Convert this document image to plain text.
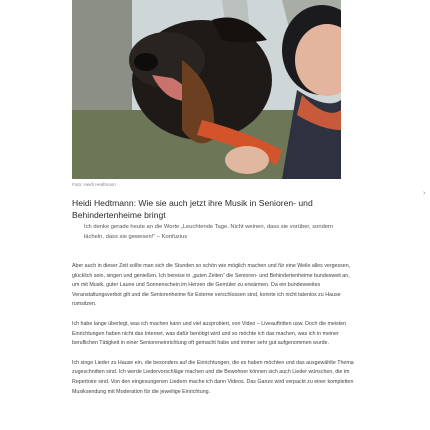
Foto: Heidi Hedtmann
Heidi Hedtmann: Wie sie auch jetzt ihre Musik in Senioren- und Behindertenheime bringt
Ich denke gerade heute an die Worte „Leuchtende Tage. Nicht weinen, dass sie vorüber, sondern lächeln, dass sie gewesen!“ – Konfuzius

Aber auch in dieser Zeit sollte man sich die Stunden so schön wie möglich machen und für eine Weile alles vergessen, glücklich sein, singen und genießen. Ich bereise in „guten Zeiten“ die Senioren- und Behindertenheime bundesweit an, um mit Musik, guter Laune und Sonnenschein im Herzen die Gemüter zu erwärmen. Da ein bundesweites Veranstaltungsverbot gilt und die Seniorenheime für Externe verschlossen sind, konnte ich nicht tatenlos zu Hause rumsitzen.

Ich habe lange überlegt, was ich machen kann und viel ausprobiert, von Video – Liveauftritten usw. Doch die meisten Einrichtungen haben nicht das Internet, was dafür benötigt wird und so möchte ich das machen, was ich in meiner beruflichen Tätigkeit in einer Senioreneinrichtung oft gemacht habe und immer sehr gut aufgenommen wurde.

Ich singe Lieder zu Hause ein, die besonders auf die Einrichtungen, die es haben möchten und das ausgewählte Thema zugeschnitten sind. Ich werde Liedervorschläge machen und die Bewohner können sich auch Lieder wünschen, die im Repertoire sind. Von den eingesungenen Liedern mache ich dann Videos. Das Ganze wird verpackt zu einer kompletten Musiksendung mit Moderation für die jeweilige Einrichtung.

›
